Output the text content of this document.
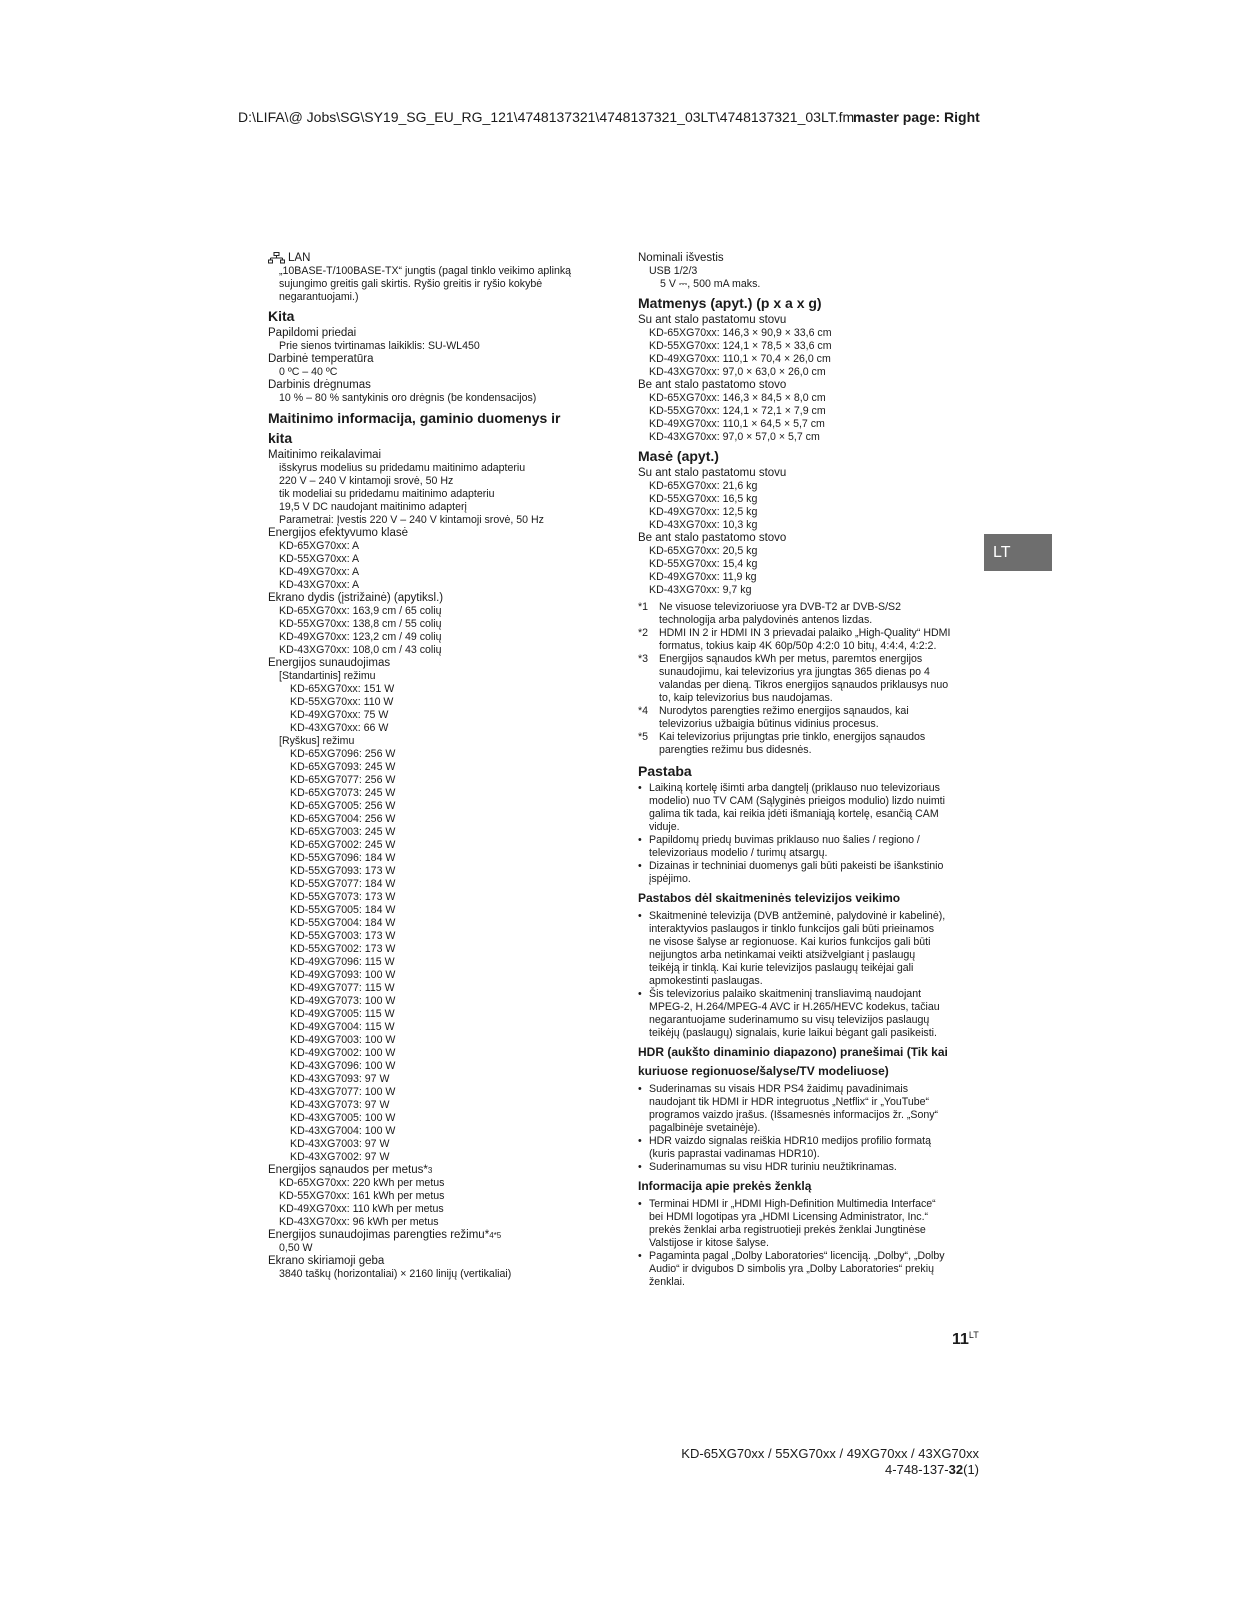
D:\LIFA\@ Jobs\SG\SY19_SG_EU_RG_121\4748137321\4748137321_03LT\4748137321_03LT.fm
master page: Right
LAN
„10BASE-T/100BASE-TX“ jungtis (pagal tinklo veikimo aplinką
sujungimo greitis gali skirtis. Ryšio greitis ir ryšio kokybė
negarantuojami.)
Kita
Papildomi priedai
Prie sienos tvirtinamas laikiklis: SU-WL450
Darbinė temperatūra
0 ºC – 40 ºC
Darbinis drėgnumas
10 % – 80 % santykinis oro drėgnis (be kondensacijos)
Maitinimo informacija, gaminio duomenys ir
kita
Maitinimo reikalavimai
išskyrus modelius su pridedamu maitinimo adapteriu
220 V – 240 V kintamoji srovė, 50 Hz
tik modeliai su pridedamu maitinimo adapteriu
19,5 V DC naudojant maitinimo adapterį
Parametrai: Įvestis 220 V – 240 V kintamoji srovė, 50 Hz
Energijos efektyvumo klasė
KD-65XG70xx: A
KD-55XG70xx: A
KD-49XG70xx: A
KD-43XG70xx: A
Ekrano dydis (įstrižainė) (apytiksl.)
KD-65XG70xx: 163,9 cm / 65 colių
KD-55XG70xx: 138,8 cm / 55 colių
KD-49XG70xx: 123,2 cm / 49 colių
KD-43XG70xx: 108,0 cm / 43 colių
Energijos sunaudojimas
[Standartinis] režimu
KD-65XG70xx: 151 W
KD-55XG70xx: 110 W
KD-49XG70xx: 75 W
KD-43XG70xx: 66 W
[Ryškus] režimu
KD-65XG7096: 256 W
KD-65XG7093: 245 W
KD-65XG7077: 256 W
KD-65XG7073: 245 W
KD-65XG7005: 256 W
KD-65XG7004: 256 W
KD-65XG7003: 245 W
KD-65XG7002: 245 W
KD-55XG7096: 184 W
KD-55XG7093: 173 W
KD-55XG7077: 184 W
KD-55XG7073: 173 W
KD-55XG7005: 184 W
KD-55XG7004: 184 W
KD-55XG7003: 173 W
KD-55XG7002: 173 W
KD-49XG7096: 115 W
KD-49XG7093: 100 W
KD-49XG7077: 115 W
KD-49XG7073: 100 W
KD-49XG7005: 115 W
KD-49XG7004: 115 W
KD-49XG7003: 100 W
KD-49XG7002: 100 W
KD-43XG7096: 100 W
KD-43XG7093: 97 W
KD-43XG7077: 100 W
KD-43XG7073: 97 W
KD-43XG7005: 100 W
KD-43XG7004: 100 W
KD-43XG7003: 97 W
KD-43XG7002: 97 W
Energijos sąnaudos per metus*$^3$
KD-65XG70xx: 220 kWh per metus
KD-55XG70xx: 161 kWh per metus
KD-49XG70xx: 110 kWh per metus
KD-43XG70xx: 96 kWh per metus
Energijos sunaudojimas parengties režimu*$^{4*5}$
0,50 W
Ekrano skiriamoji geba
3840 taškų (horizontaliai) × 2160 linijų (vertikaliai)
Nominali išvestis
USB 1/2/3
5 V ⎓, 500 mA maks.
Matmenys (apyt.) (p x a x g)
Su ant stalo pastatomu stovu
KD-65XG70xx: 146,3 × 90,9 × 33,6 cm
KD-55XG70xx: 124,1 × 78,5 × 33,6 cm
KD-49XG70xx: 110,1 × 70,4 × 26,0 cm
KD-43XG70xx: 97,0 × 63,0 × 26,0 cm
Be ant stalo pastatomo stovo
KD-65XG70xx: 146,3 × 84,5 × 8,0 cm
KD-55XG70xx: 124,1 × 72,1 × 7,9 cm
KD-49XG70xx: 110,1 × 64,5 × 5,7 cm
KD-43XG70xx: 97,0 × 57,0 × 5,7 cm
Masė (apyt.)
Su ant stalo pastatomu stovu
KD-65XG70xx: 21,6 kg
KD-55XG70xx: 16,5 kg
KD-49XG70xx: 12,5 kg
KD-43XG70xx: 10,3 kg
Be ant stalo pastatomo stovo
KD-65XG70xx: 20,5 kg
KD-55XG70xx: 15,4 kg
KD-49XG70xx: 11,9 kg
KD-43XG70xx: 9,7 kg
*1	Ne visuose televizoriuose yra DVB-T2 ar DVB-S/S2
technologija arba palydovinės antenos lizdas.
*2	HDMI IN 2 ir HDMI IN 3 prievadai palaiko „High-Quality“ HDMI
formatus, tokius kaip 4K 60p/50p 4:2:0 10 bitų, 4:4:4, 4:2:2.
*3	Energijos sąnaudos kWh per metus, paremtos energijos
sunaudojimu, kai televizorius yra įjungtas 365 dienas po 4
valandas per dieną. Tikros energijos sąnaudos priklausys nuo
to, kaip televizorius bus naudojamas.
*4	Nurodytos parengties režimo energijos sąnaudos, kai
televizorius užbaigia būtinus vidinius procesus.
*5	Kai televizorius prijungtas prie tinklo, energijos sąnaudos
parengties režimu bus didesnės.
Pastaba
• Laikiną kortelę išimti arba dangtelį (priklauso nuo televizoriaus
modelio) nuo TV CAM (Sąlyginės prieigos modulio) lizdo nuimti
galima tik tada, kai reikia įdėti išmaniąją kortelę, esančią CAM
viduje.
• Papildomų priedų buvimas priklauso nuo šalies / regiono /
televizoriaus modelio / turimų atsargų.
• Dizainas ir techniniai duomenys gali būti pakeisti be išankstinio
įspėjimo.
Pastabos dėl skaitmeninės televizijos veikimo
• Skaitmeninė televizija (DVB antžeminė, palydovinė ir kabelinė),
interaktyvios paslaugos ir tinklo funkcijos gali būti prieinamos
ne visose šalyse ar regionuose. Kai kurios funkcijos gali būti
neįjungtos arba netinkamai veikti atsižvelgiant į paslaugų
teikėją ir tinklą. Kai kurie televizijos paslaugų teikėjai gali
apmokestinti paslaugas.
• Šis televizorius palaiko skaitmeninį transliavimą naudojant
MPEG-2, H.264/MPEG-4 AVC ir H.265/HEVC kodekus, tačiau
negarantuojame suderinamumo su visų televizijos paslaugų
teikėjų (paslaugų) signalais, kurie laikui bėgant gali pasikeisti.
HDR (aukšto dinaminio diapazono) pranešimai (Tik kai
kuriuose regionuose/šalyse/TV modeliuose)
• Suderinamas su visais HDR PS4 žaidimų pavadinimais
naudojant tik HDMI ir HDR integruotus „Netflix“ ir „YouTube“
programos vaizdo įrašus. (Išsamesnės informacijos žr. „Sony“
pagalbinėje svetainėje).
• HDR vaizdo signalas reiškia HDR10 medijos profilio formatą
(kuris paprastai vadinamas HDR10).
• Suderinamumas su visu HDR turiniu neužtikrinamas.
Informacija apie prekės ženklą
• Terminai HDMI ir „HDMI High-Definition Multimedia Interface“
bei HDMI logotipas yra „HDMI Licensing Administrator, Inc.“
prekės ženklai arba registruotieji prekės ženklai Jungtinėse
Valstijose ir kitose šalyse.
• Pagaminta pagal „Dolby Laboratories“ licenciją. „Dolby“, „Dolby
Audio“ ir dvigubos D simbolis yra „Dolby Laboratories“ prekių
ženklai.
LT
$11^{LT}$
KD-65XG70xx / 55XG70xx / 49XG70xx / 43XG70xx
4-748-137-32(1)
